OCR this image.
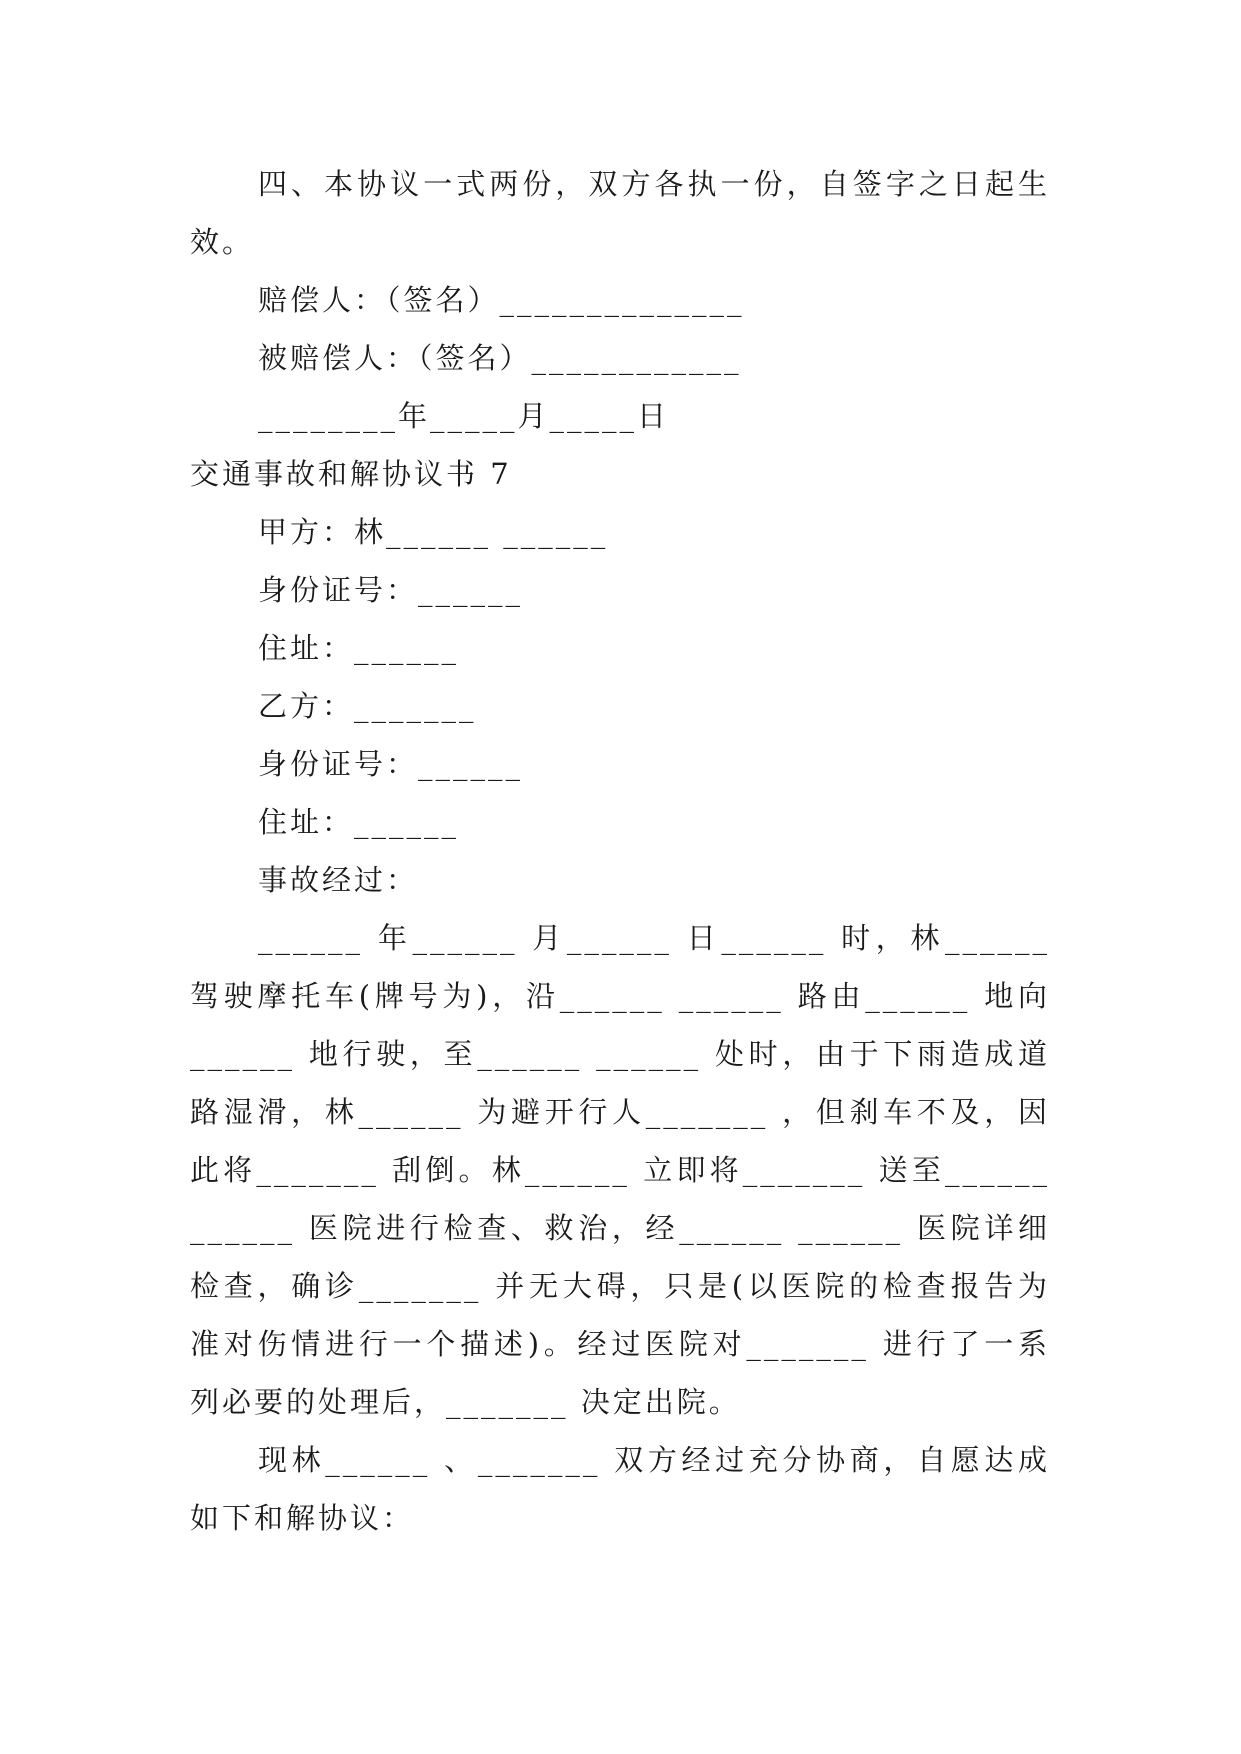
四、本协议一式两份，双方各执一份，自签字之日起生
效。
赔偿人：（签名）______________
被赔偿人：（签名）____________
________年_____月_____日
交通事故和解协议书 7
甲方：林______ ______
身份证号：______
住址：______
乙方：_______
身份证号：______
住址：______
事故经过：
______ 年______ 月______ 日______ 时，林______
驾驶摩托车(牌号为)，沿______ ______ 路由______ 地向
______ 地行驶，至______ ______ 处时，由于下雨造成道
路湿滑，林______ 为避开行人_______ ，但刹车不及，因
此将_______ 刮倒。林______ 立即将_______ 送至______
______ 医院进行检查、救治，经______ ______ 医院详细
检查，确诊_______ 并无大碍，只是(以医院的检查报告为
准对伤情进行一个描述)。经过医院对_______ 进行了一系
列必要的处理后，_______ 决定出院。
现林______ 、_______ 双方经过充分协商，自愿达成
如下和解协议：
